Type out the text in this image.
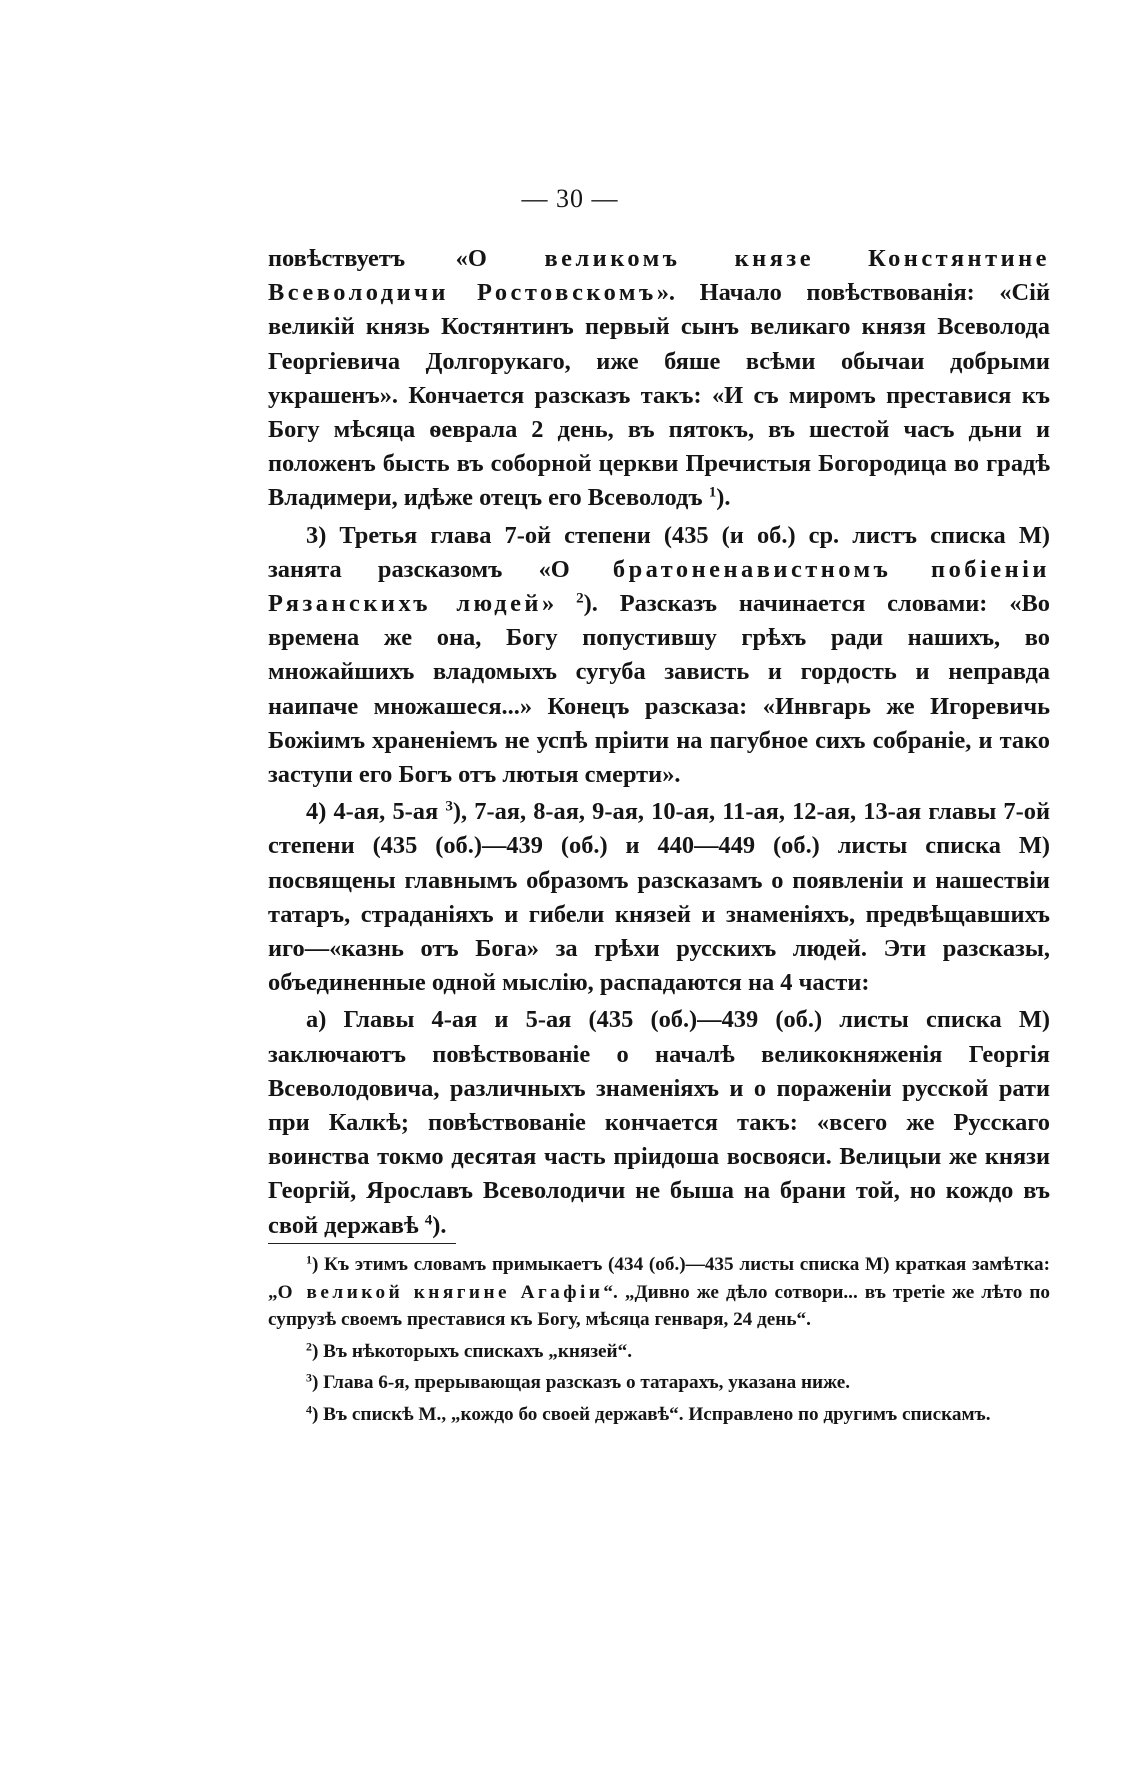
— 30 —

повѣствуетъ «О великомъ князе Констянтине Всеволодичи Ростовскомъ». Начало повѣствованія: «Сій великій князь Костянтинъ первый сынъ великаго князя Всеволода Георгіевича Долгорукаго, иже бяше всѣми обычаи добрыми украшенъ». Кончается разсказъ такъ: «И съ миромъ преставися къ Богу мѣсяца ѳеврала 2 день, въ пятокъ, въ шестой часъ дьни и положенъ бысть въ соборной церкви Пречистыя Богородица во градѣ Владимери, идѣже отецъ его Всеволодъ $^1$).

3) Третья глава 7-ой степени (435 (и об.) ср. листъ списка М) занята разсказомъ «О братоненавистномъ побіеніи Рязанскихъ людей» $^2$). Разсказъ начинается словами: «Во времена же она, Богу попустившу грѣхъ ради нашихъ, во множайшихъ владомыхъ сугуба зависть и гордость и неправда наипаче множашеся...» Конецъ разсказа: «Инвгарь же Игоревичь Божіимъ храненіемъ не успѣ пріити на пагубное сихъ собраніе, и тако заступи его Богъ отъ лютыя смерти».

4) 4-ая, 5-ая $^3$), 7-ая, 8-ая, 9-ая, 10-ая, 11-ая, 12-ая, 13-ая главы 7-ой степени (435 (об.)—439 (об.) и 440—449 (об.) листы списка М) посвящены главнымъ образомъ разсказамъ о появленіи и нашествіи татаръ, страданіяхъ и гибели князей и знаменіяхъ, предвѣщавшихъ иго—«казнь отъ Бога» за грѣхи русскихъ людей. Эти разсказы, объединенные одной мыслію, распадаются на 4 части:

а) Главы 4-ая и 5-ая (435 (об.)—439 (об.) листы списка М) заключаютъ повѣствованіе о началѣ великокняженія Георгія Всеволодовича, различныхъ знаменіяхъ и о пораженіи русской рати при Калкѣ; повѣствованіе кончается такъ: «всего же Русскаго воинства токмо десятая часть пріидоша восвояси. Велицыи же князи Георгій, Ярославъ Всеволодичи не быша на брани той, но кождо въ свой державѣ $^4$).

$^1$) Къ этимъ словамъ примыкаетъ (434 (об.)—435 листы списка М) краткая замѣтка: „О великой княгине Агафіи“. „Дивно же дѣло сотвори... въ третіе же лѣто по супрузѣ своемъ преставися къ Богу, мѣсяца генваря, 24 день“.

$^2$) Въ нѣкоторыхъ спискахъ „князей“.

$^3$) Глава 6-я, прерывающая разсказъ о татарахъ, указана ниже.

$^4$) Въ спискѣ М., „кождо бо своей державѣ“. Исправлено по другимъ спискамъ.
